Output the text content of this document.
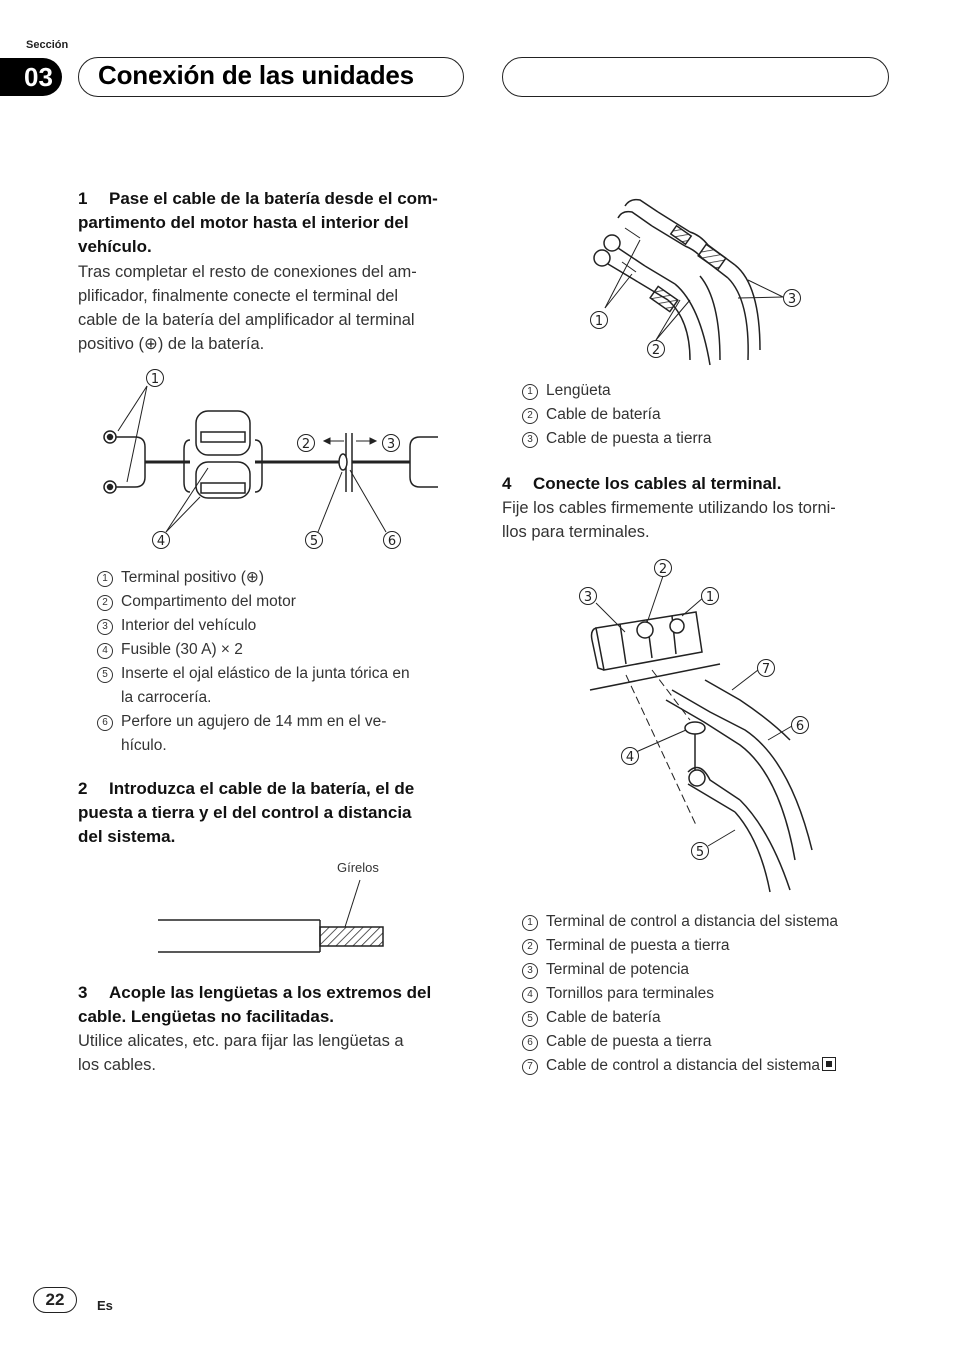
Sección
03 Conexión de las unidades
1 Pase el cable de la batería desde el com-
partimento del motor hasta el interior del
vehículo.
Tras completar el resto de conexiones del am-
plificador, finalmente conecte el terminal del
cable de la batería del amplificador al terminal
positivo (⊕) de la batería.
1
2	3
4	5	6
1 Terminal positivo (⊕)
2 Compartimento del motor
3 Interior del vehículo
4 Fusible (30 A) × 2
5 Inserte el ojal elástico de la junta tórica en
la carrocería.
6 Perfore un agujero de 14 mm en el ve-
hículo.
2 Introduzca el cable de la batería, el de
puesta a tierra y el del control a distancia
del sistema.
Gírelos
3 Acople las lengüetas a los extremos del
cable. Lengüetas no facilitadas.
Utilice alicates, etc. para fijar las lengüetas a
los cables.
1
2
3
1 Lengüeta
2 Cable de batería
3 Cable de puesta a tierra
4 Conecte los cables al terminal.
Fije los cables firmemente utilizando los torni-
llos para terminales.
1
2
3
4
5
6
7
1 Terminal de control a distancia del sistema
2 Terminal de puesta a tierra
3 Terminal de potencia
4 Tornillos para terminales
5 Cable de batería
6 Cable de puesta a tierra
7 Cable de control a distancia del sistema
22	Es
